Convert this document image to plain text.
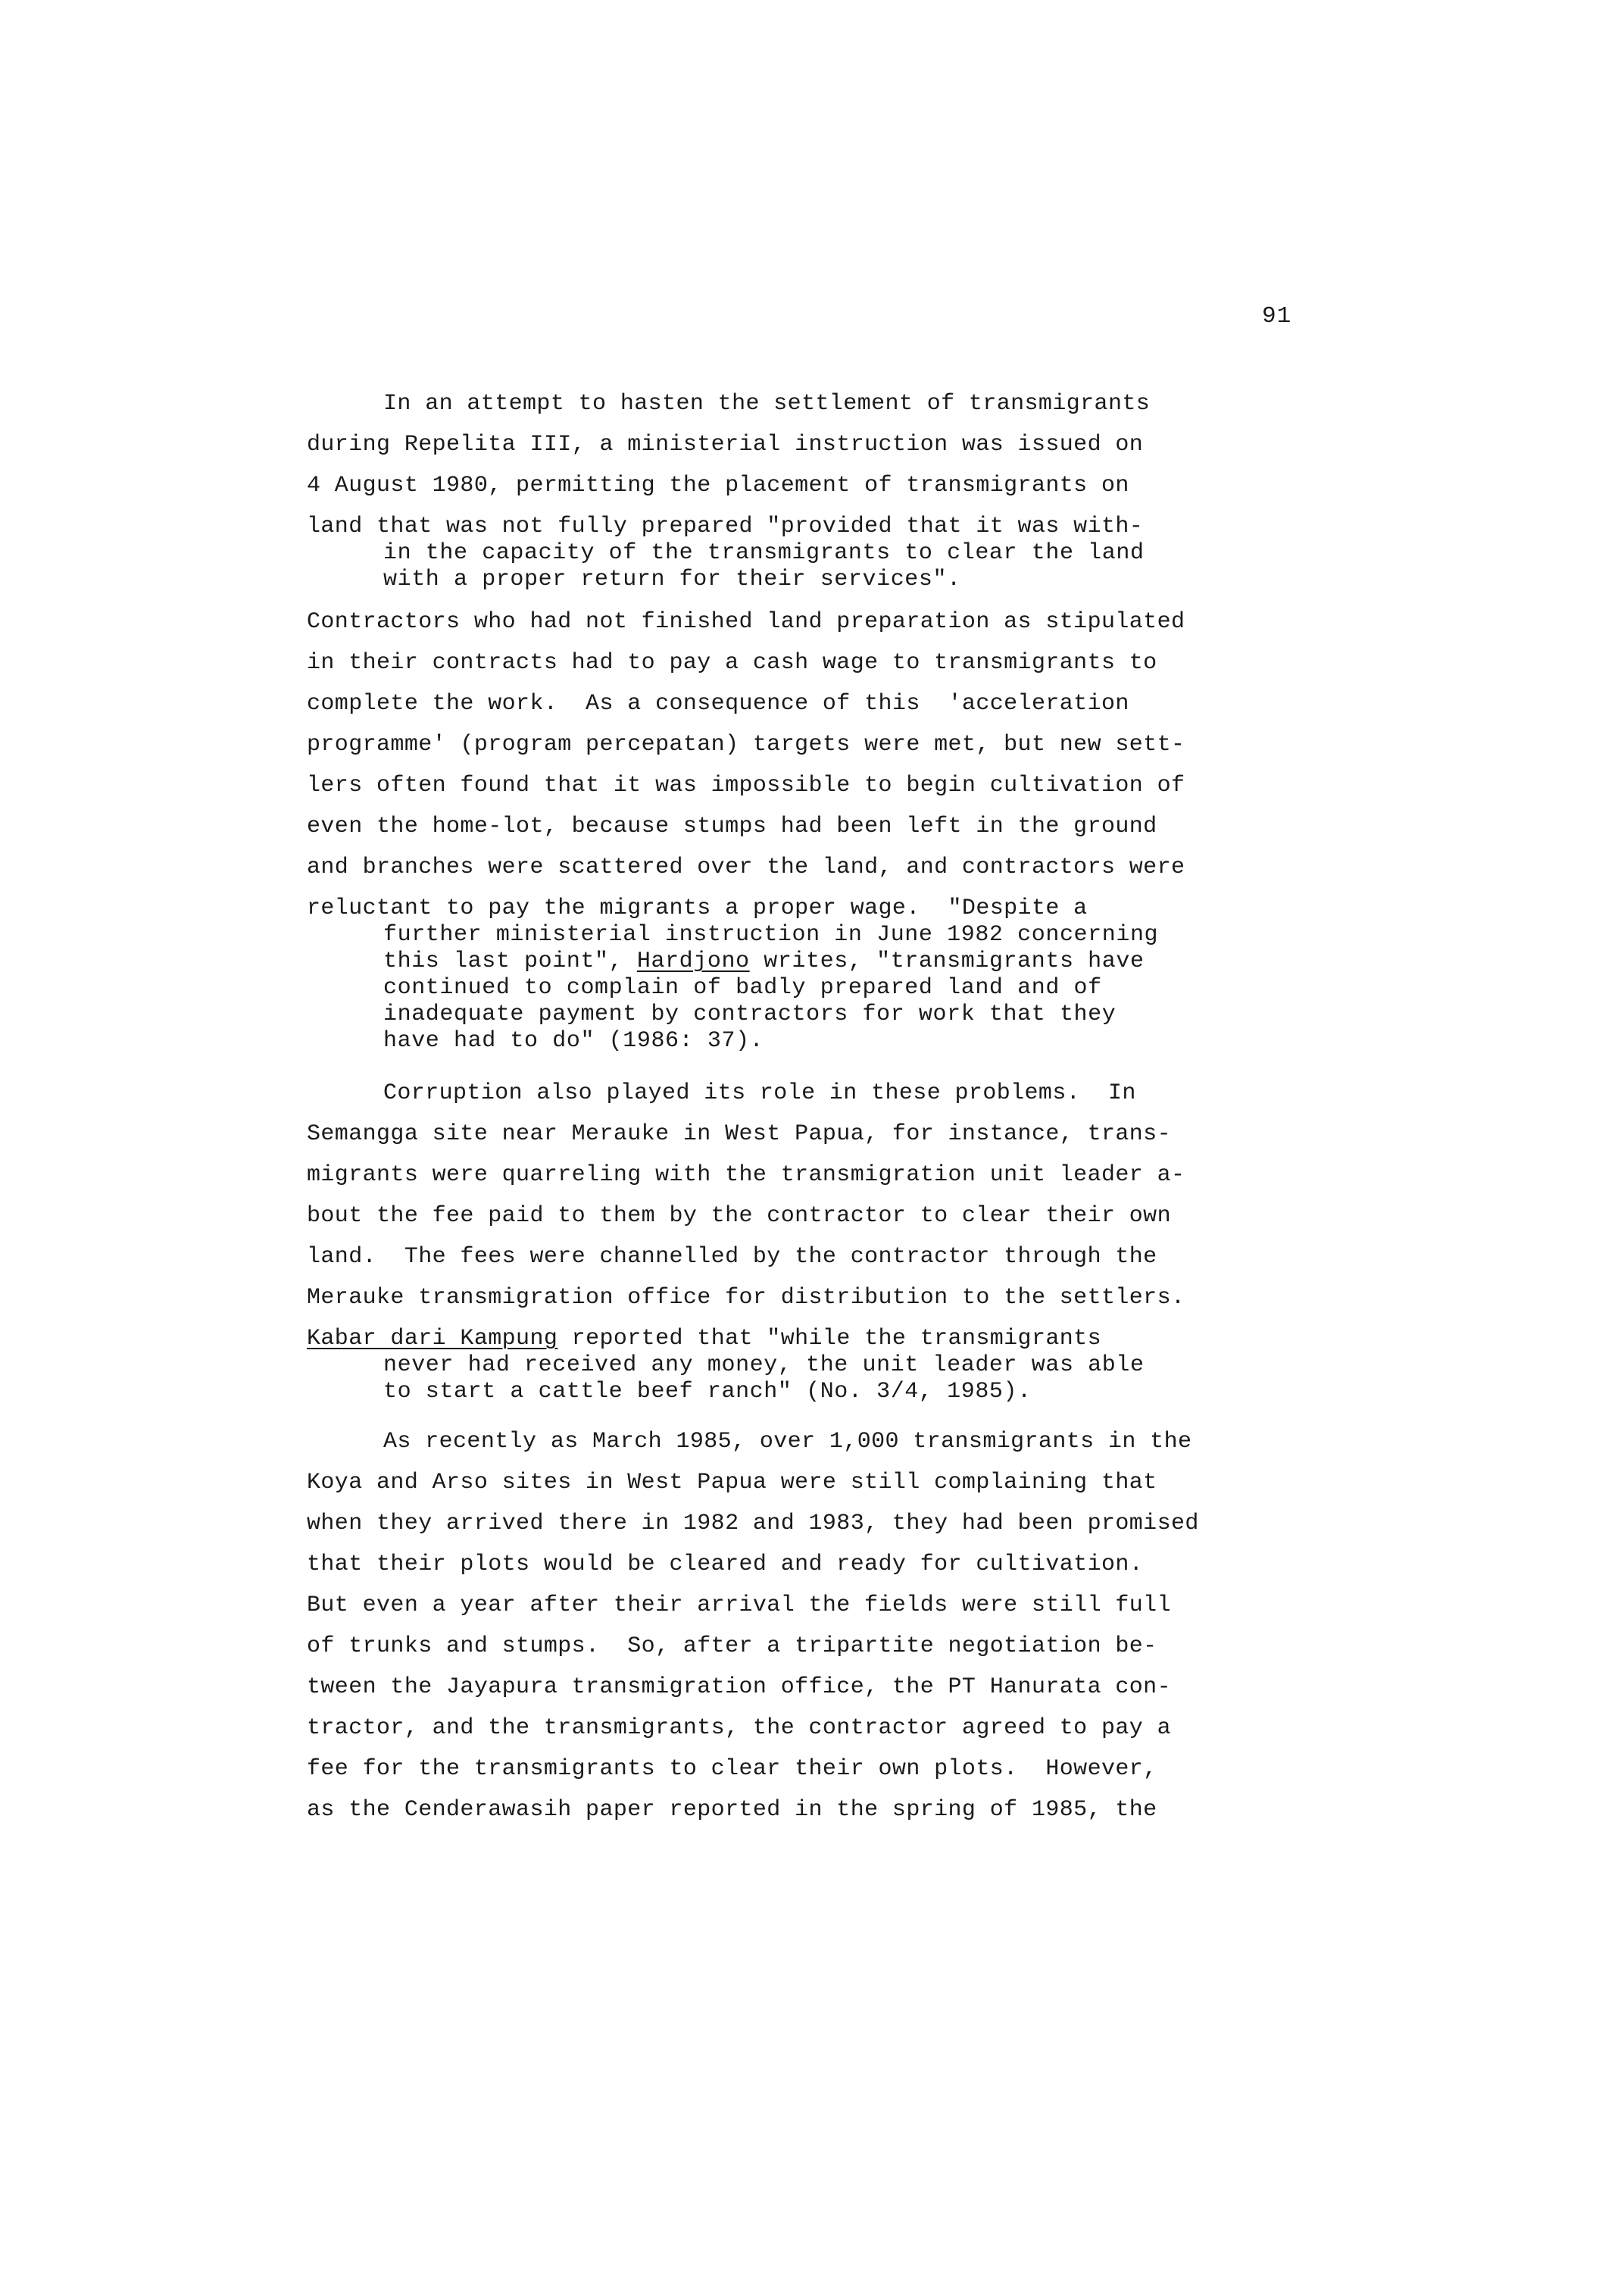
91
In an attempt to hasten the settlement of transmigrants
during Repelita III, a ministerial instruction was issued on
4 August 1980, permitting the placement of transmigrants on
land that was not fully prepared "provided that it was with-
in the capacity of the transmigrants to clear the land
with a proper return for their services".
Contractors who had not finished land preparation as stipulated
in their contracts had to pay a cash wage to transmigrants to
complete the work.  As a consequence of this  'acceleration
programme' (program percepatan) targets were met, but new sett-
lers often found that it was impossible to begin cultivation of
even the home-lot, because stumps had been left in the ground
and branches were scattered over the land, and contractors were
reluctant to pay the migrants a proper wage.  "Despite a
further ministerial instruction in June 1982 concerning
this last point", Hardjono writes, "transmigrants have
continued to complain of badly prepared land and of
inadequate payment by contractors for work that they
have had to do" (1986: 37).
Corruption also played its role in these problems.  In
Semangga site near Merauke in West Papua, for instance, trans-
migrants were quarreling with the transmigration unit leader a-
bout the fee paid to them by the contractor to clear their own
land.  The fees were channelled by the contractor through the
Merauke transmigration office for distribution to the settlers.
Kabar dari Kampung reported that "while the transmigrants
never had received any money, the unit leader was able
to start a cattle beef ranch" (No. 3/4, 1985).
As recently as March 1985, over 1,000 transmigrants in the
Koya and Arso sites in West Papua were still complaining that
when they arrived there in 1982 and 1983, they had been promised
that their plots would be cleared and ready for cultivation.
But even a year after their arrival the fields were still full
of trunks and stumps.  So, after a tripartite negotiation be-
tween the Jayapura transmigration office, the PT Hanurata con-
tractor, and the transmigrants, the contractor agreed to pay a
fee for the transmigrants to clear their own plots.  However,
as the Cenderawasih paper reported in the spring of 1985, the
